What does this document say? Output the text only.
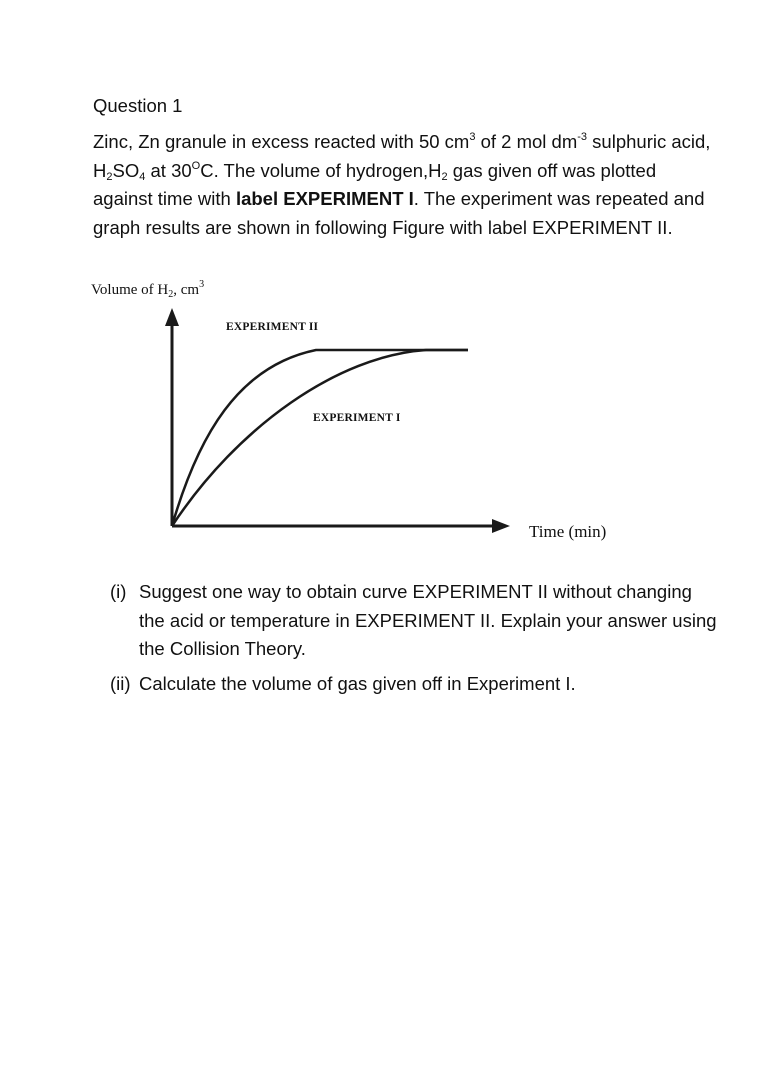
Question 1
Zinc, Zn granule in excess reacted with 50 $cm^3$ of 2 mol $dm^{-3}$ sulphuric acid, $H_2SO_4$ at $30^OC$. The volume of $hydrogen,H_2$ gas given off was plotted against time with label EXPERIMENT I. The experiment was repeated and graph results are shown in following Figure with label EXPERIMENT II.
Volume of $H_2$, $cm^3$
EXPERIMENT II
EXPERIMENT I
Time (min)
(i) Suggest one way to obtain curve EXPERIMENT II without changing the acid or temperature in EXPERIMENT II. Explain your answer using the Collision Theory.
(ii) Calculate the volume of gas given off in Experiment I.
